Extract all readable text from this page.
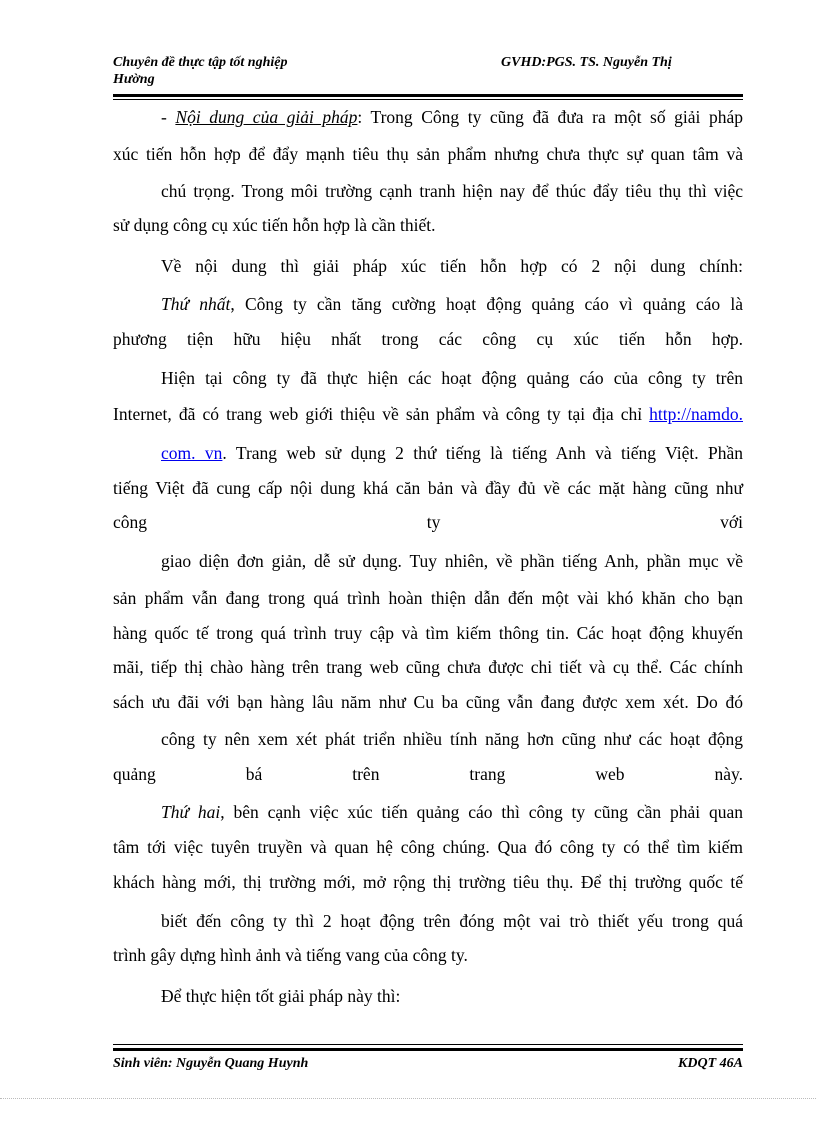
Chuyên đề thực tập tốt nghiệp	GVHD:PGS. TS. Nguyễn Thị
Hường
- Nội dung của giải pháp: Trong Công ty cũng đã đưa ra một số giải pháp
xúc tiến hỗn hợp để đẩy mạnh tiêu thụ sản phẩm nhưng chưa thực sự quan tâm và
chú trọng. Trong môi trường cạnh tranh hiện nay để thúc đẩy tiêu thụ thì việc
sử dụng công cụ xúc tiến hỗn hợp là cần thiết.
Về nội dung thì giải pháp xúc tiến hỗn hợp có 2 nội dung chính:
Thứ nhất, Công ty cần tăng cường hoạt động quảng cáo vì quảng cáo là
phương tiện hữu hiệu nhất trong các công cụ xúc tiến hỗn hợp.
Hiện tại công ty đã thực hiện các hoạt động quảng cáo của công ty trên
Internet, đã có trang web giới thiệu về sản phẩm và công ty tại địa chỉ http://namdo.
com. vn. Trang web sử dụng 2 thứ tiếng là tiếng Anh và tiếng Việt. Phần
tiếng Việt đã cung cấp nội dung khá căn bản và đầy đủ về các mặt hàng cũng như
công ty với
giao diện đơn giản, dễ sử dụng. Tuy nhiên, về phần tiếng Anh, phần mục về
sản phẩm vẫn đang trong quá trình hoàn thiện dẫn đến một vài khó khăn cho bạn
hàng quốc tế trong quá trình truy cập và tìm kiếm thông tin. Các hoạt động khuyến
mãi, tiếp thị chào hàng trên trang web cũng chưa được chi tiết và cụ thể. Các chính
sách ưu đãi với bạn hàng lâu năm như Cu ba cũng vẫn đang được xem xét. Do đó
công ty nên xem xét phát triển nhiều tính năng hơn cũng như các hoạt động
quảng bá trên trang web này.
Thứ hai, bên cạnh việc xúc tiến quảng cáo thì công ty cũng cần phải quan
tâm tới việc tuyên truyền và quan hệ công chúng. Qua đó công ty có thể tìm kiếm
khách hàng mới, thị trường mới, mở rộng thị trường tiêu thụ. Để thị trường quốc tế
biết đến công ty thì 2 hoạt động trên đóng một vai trò thiết yếu trong quá
trình gây dựng hình ảnh và tiếng vang của công ty.
Để thực hiện tốt giải pháp này thì:
Sinh viên: Nguyễn Quang Huynh	KDQT 46A
